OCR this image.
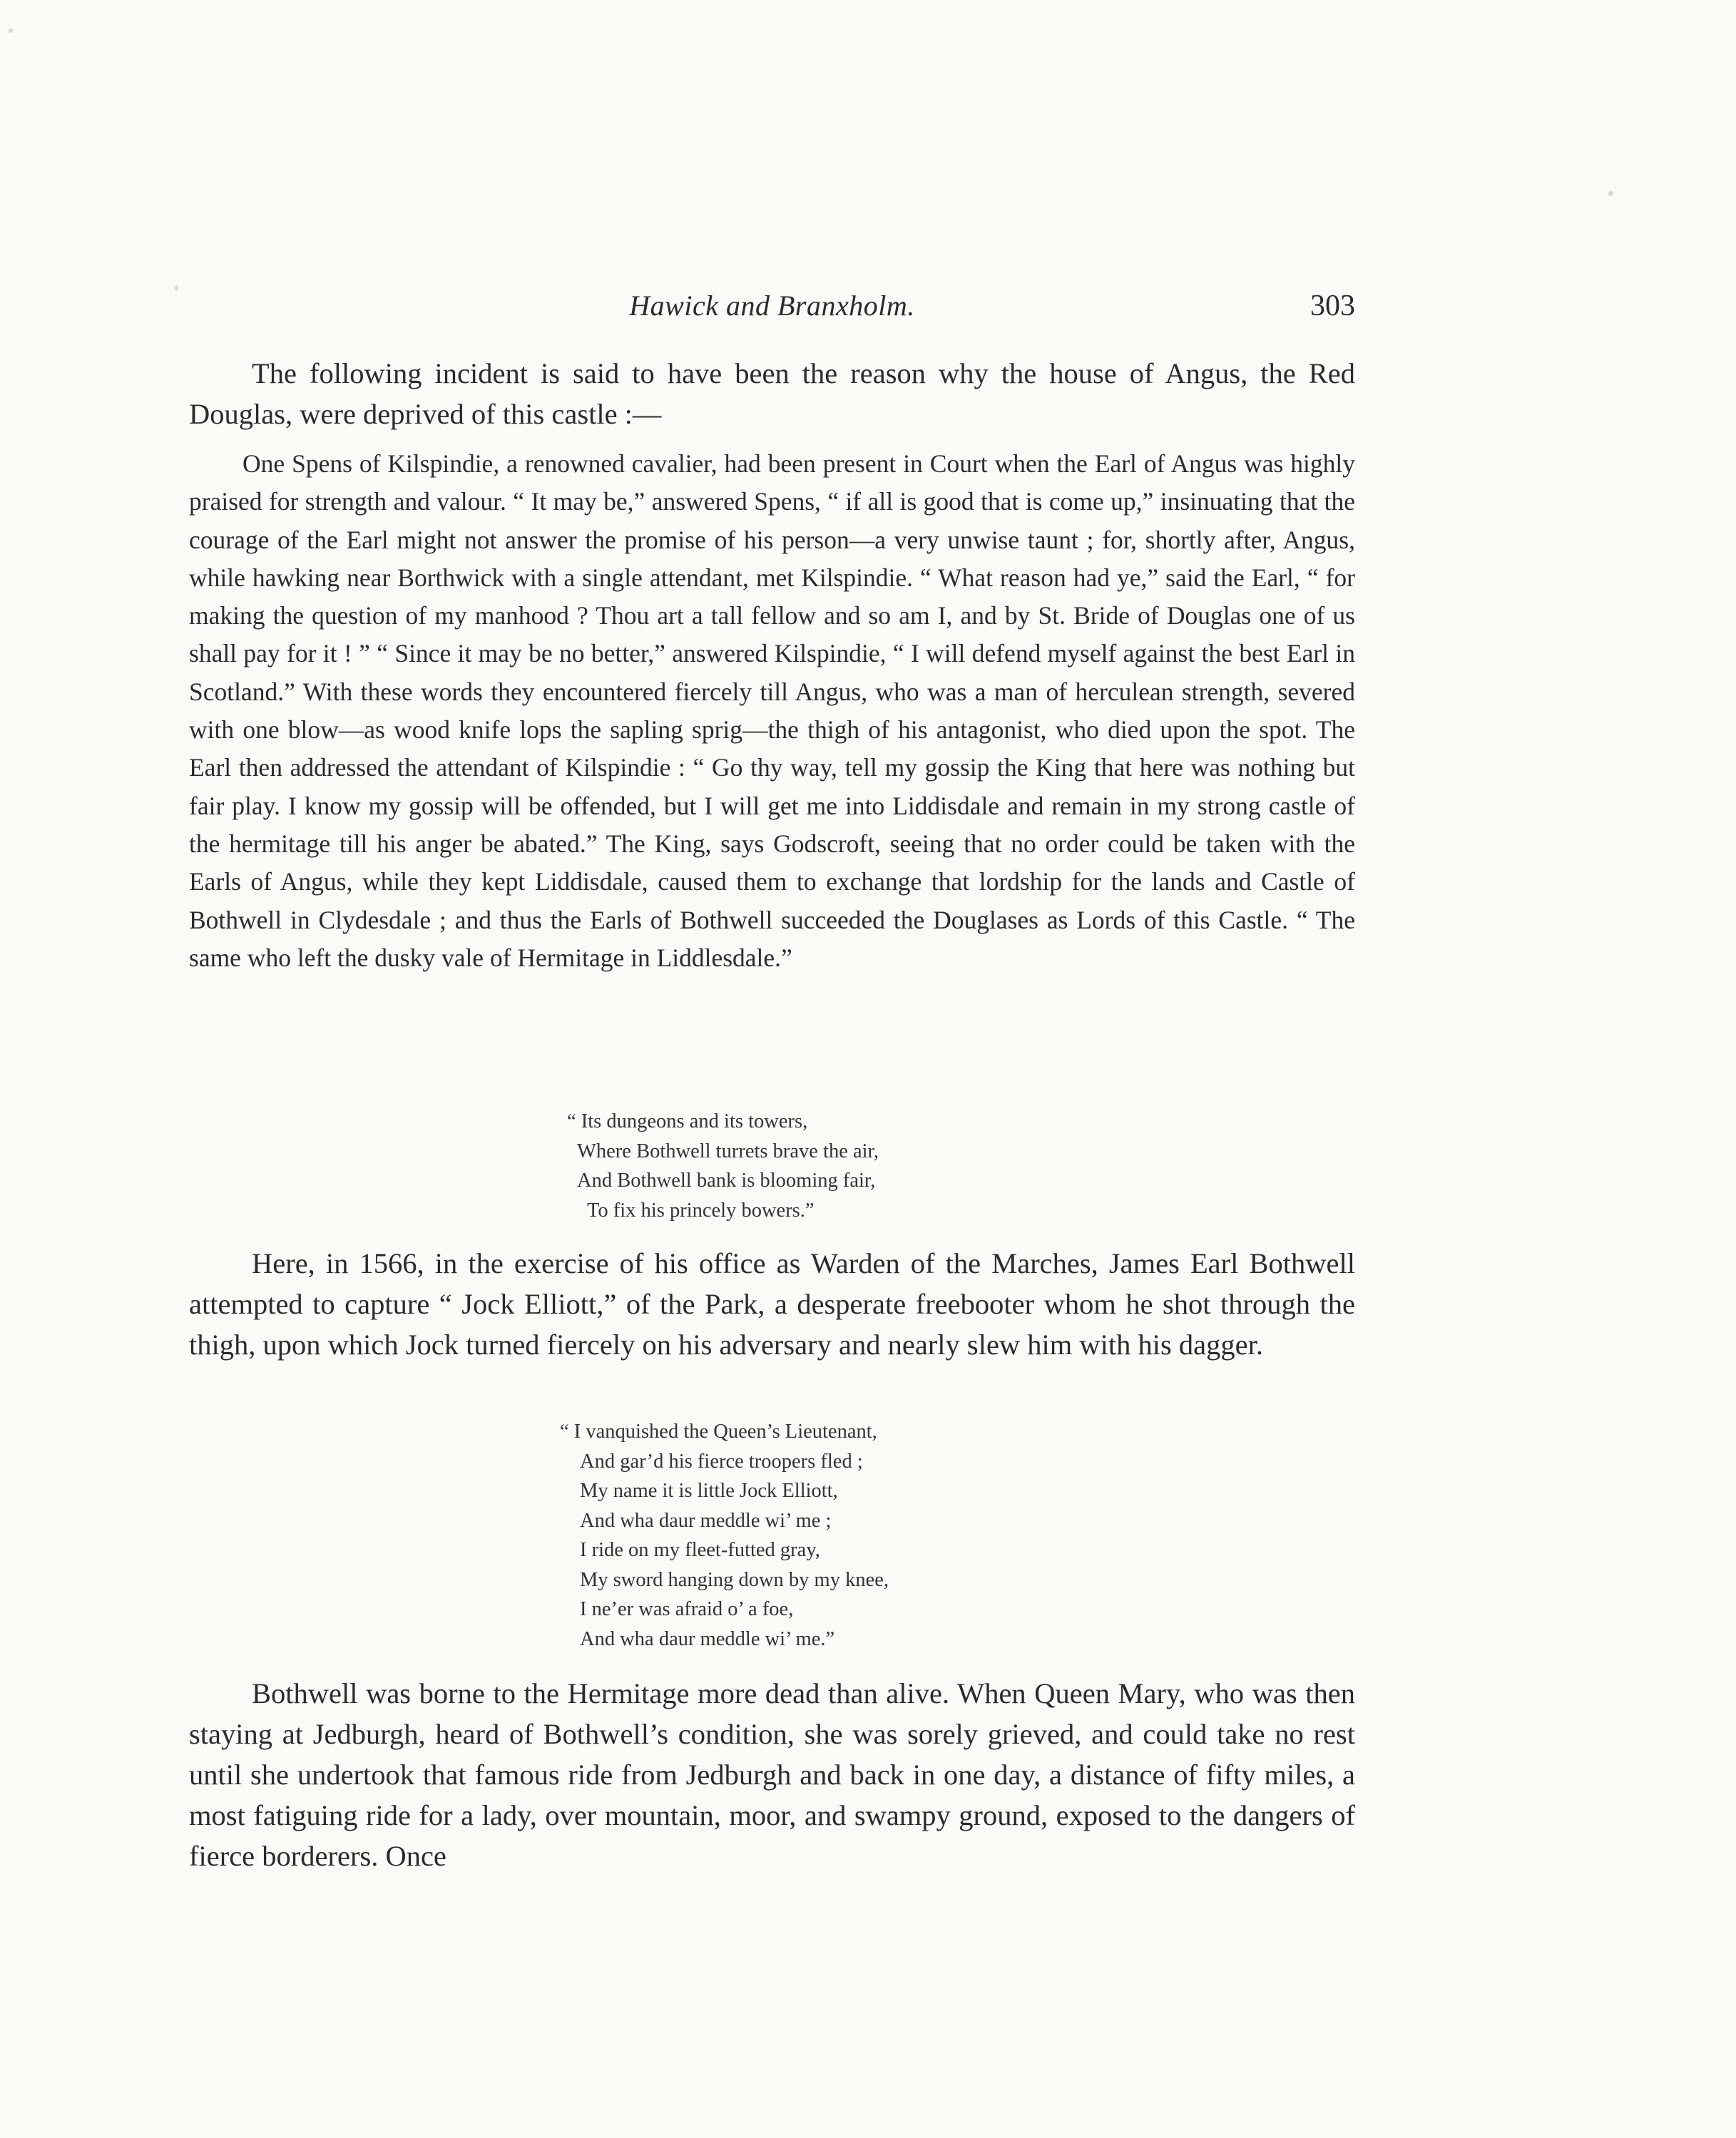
Hawick and Branxholm.	303

The following incident is said to have been the reason why the house of Angus, the Red Douglas, were deprived of this castle :—

One Spens of Kilspindie, a renowned cavalier, had been present in Court when the Earl of Angus was highly praised for strength and valour. “ It may be,” answered Spens, “ if all is good that is come up,” insinuating that the courage of the Earl might not answer the promise of his person—a very unwise taunt ; for, shortly after, Angus, while hawking near Borthwick with a single attendant, met Kilspindie. “ What reason had ye,” said the Earl, “ for making the question of my manhood ? Thou art a tall fellow and so am I, and by St. Bride of Douglas one of us shall pay for it ! ” “ Since it may be no better,” answered Kilspindie, “ I will defend myself against the best Earl in Scotland.” With these words they encountered fiercely till Angus, who was a man of herculean strength, severed with one blow—as wood knife lops the sapling sprig—the thigh of his antagonist, who died upon the spot. The Earl then addressed the attendant of Kilspindie : “ Go thy way, tell my gossip the King that here was nothing but fair play. I know my gossip will be offended, but I will get me into Liddisdale and remain in my strong castle of the hermitage till his anger be abated.” The King, says Godscroft, seeing that no order could be taken with the Earls of Angus, while they kept Liddisdale, caused them to exchange that lordship for the lands and Castle of Bothwell in Clydesdale ; and thus the Earls of Bothwell succeeded the Douglases as Lords of this Castle. “ The same who left the dusky vale of Hermitage in Liddlesdale.”

“ Its dungeons and its towers,
Where Bothwell turrets brave the air,
And Bothwell bank is blooming fair,
To fix his princely bowers.”

Here, in 1566, in the exercise of his office as Warden of the Marches, James Earl Bothwell attempted to capture “ Jock Elliott,” of the Park, a desperate freebooter whom he shot through the thigh, upon which Jock turned fiercely on his adversary and nearly slew him with his dagger.

“ I vanquished the Queen’s Lieutenant,
And gar’d his fierce troopers fled ;
My name it is little Jock Elliott,
And wha daur meddle wi’ me ;
I ride on my fleet-futted gray,
My sword hanging down by my knee,
I ne’er was afraid o’ a foe,
And wha daur meddle wi’ me.”

Bothwell was borne to the Hermitage more dead than alive. When Queen Mary, who was then staying at Jedburgh, heard of Bothwell’s condition, she was sorely grieved, and could take no rest until she undertook that famous ride from Jedburgh and back in one day, a distance of fifty miles, a most fatiguing ride for a lady, over mountain, moor, and swampy ground, exposed to the dangers of fierce borderers. Once
